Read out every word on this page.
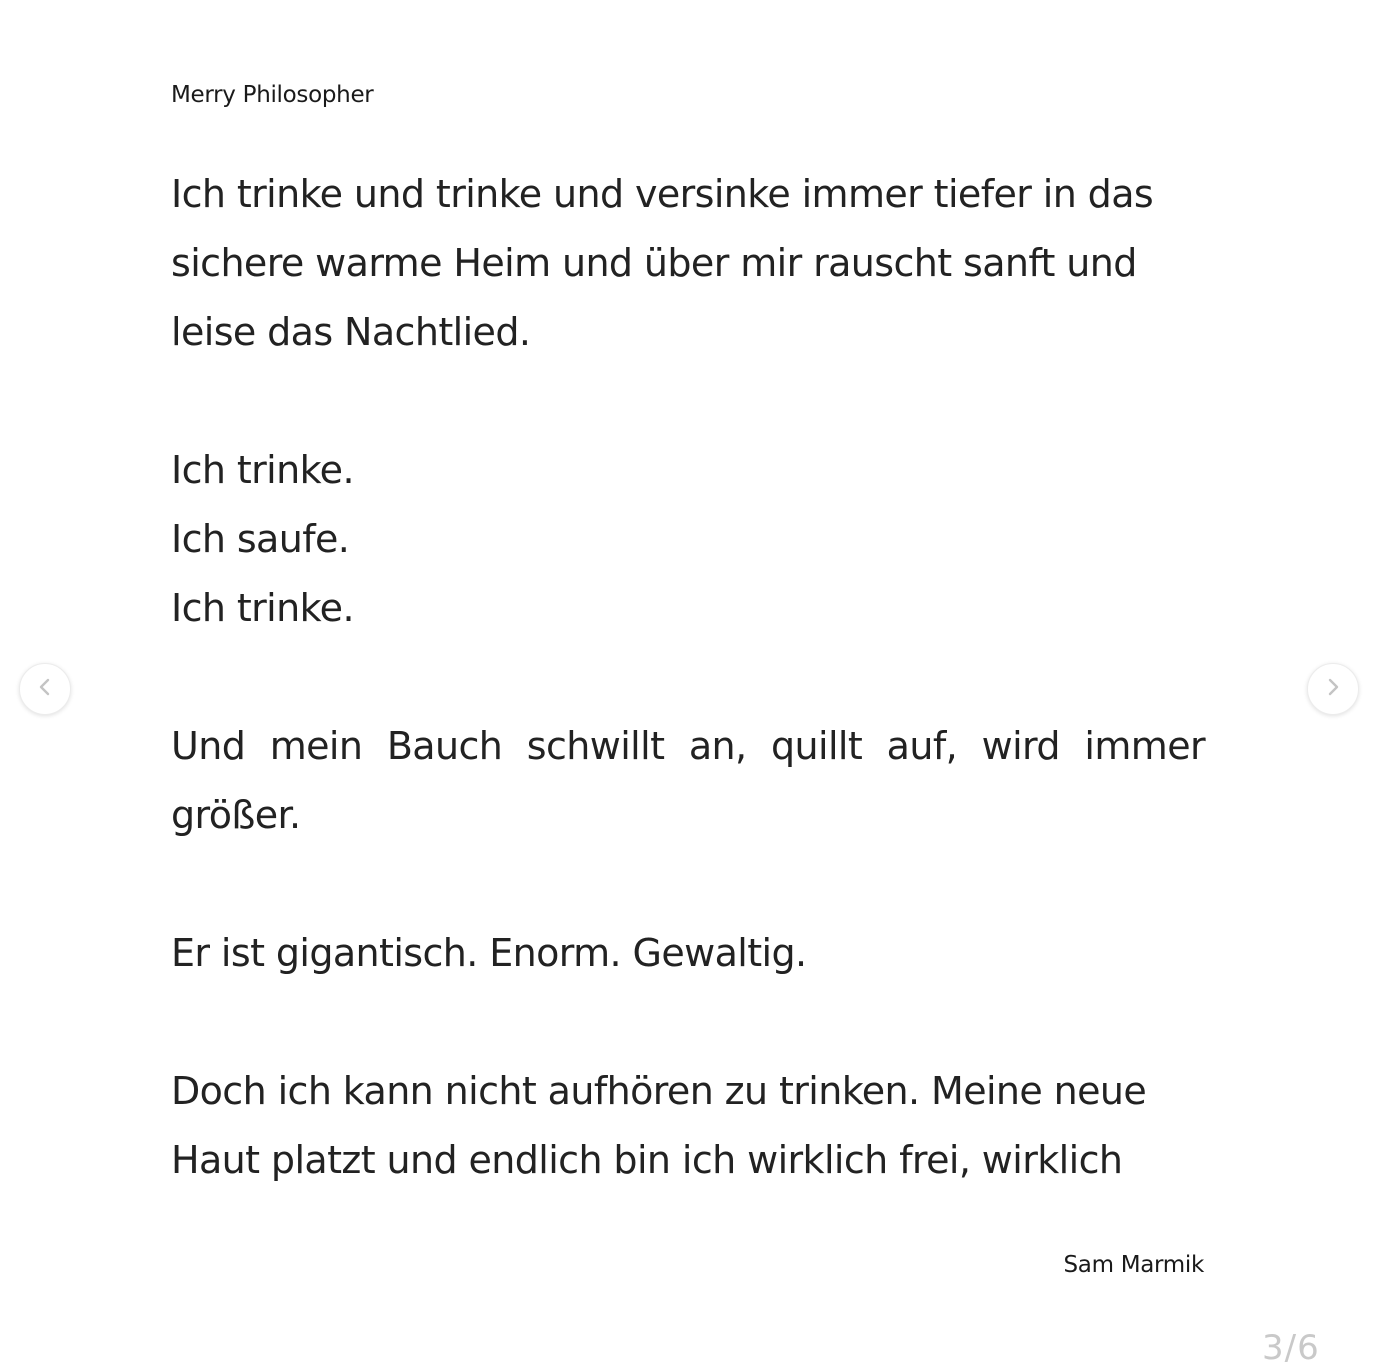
Merry Philosopher

Ich trinke und trinke und versinke immer tiefer in das
sichere warme Heim und über mir rauscht sanft und
leise das Nachtlied.

Ich trinke.
Ich saufe.
Ich trinke.

Und mein Bauch schwillt an, quillt auf, wird immer
größer.

Er ist gigantisch. Enorm. Gewaltig.

Doch ich kann nicht aufhören zu trinken. Meine neue
Haut platzt und endlich bin ich wirklich frei, wirklich

Sam Marmik
3/6
